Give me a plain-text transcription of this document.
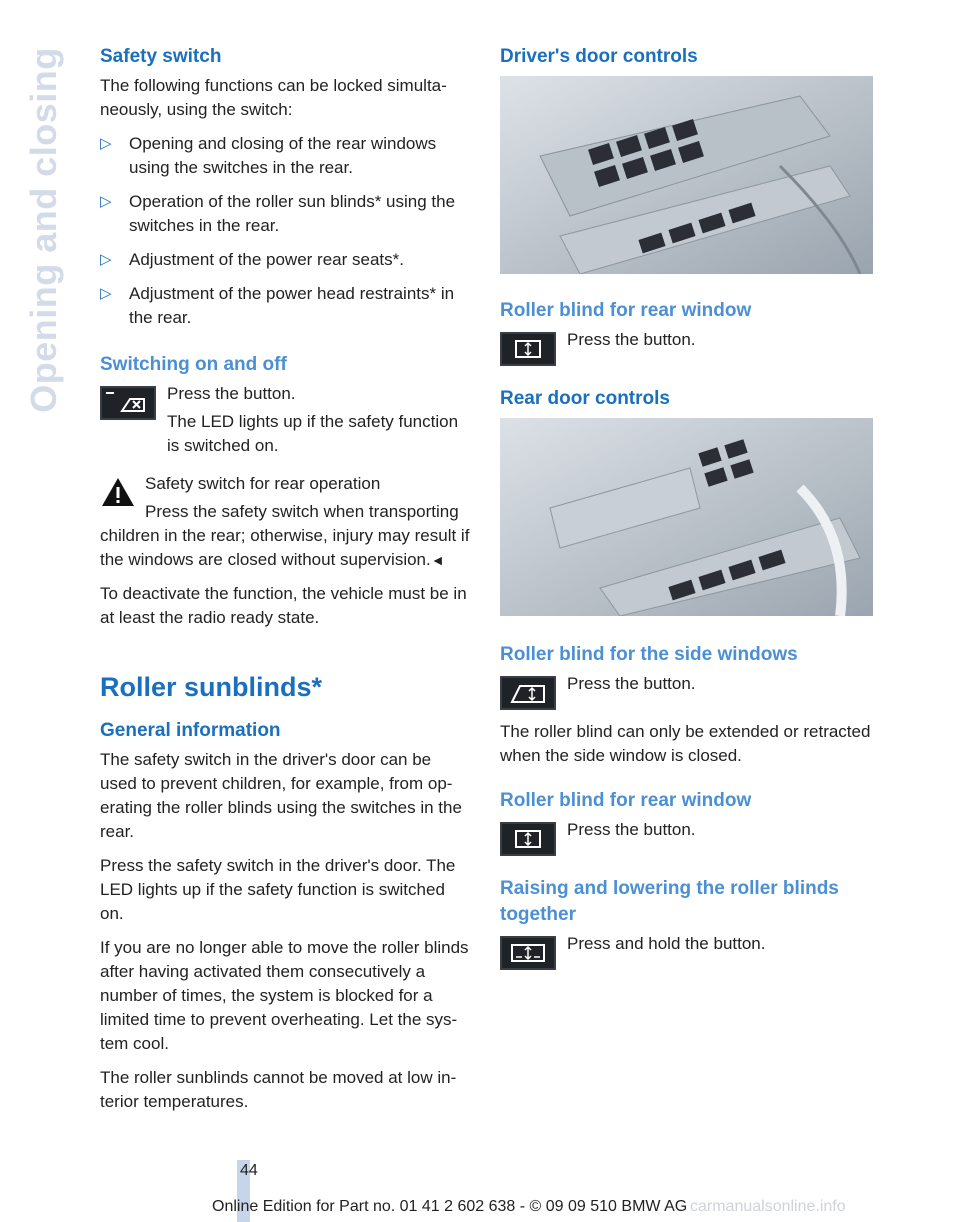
Opening and closing Safety switch

The following functions can be locked simultaneously, using the switch:

▷ Opening and closing of the rear windows using the switches in the rear.
▷ Operation of the roller sun blinds* using the switches in the rear.
▷ Adjustment of the power rear seats*.
▷ Adjustment of the power head restraints* in the rear.
Switching on and off
Press the button.
The LED lights up if the safety function is switched on.
Safety switch for rear operation
Press the safety switch when transporting children in the rear; otherwise, injury may result if the windows are closed without supervision.◄

To deactivate the function, the vehicle must be in at least the radio ready state.

Roller sunblinds*
General information

The safety switch in the driver's door can be used to prevent children, for example, from operating the roller blinds using the switches in the rear.

Press the safety switch in the driver's door. The LED lights up if the safety function is switched on.

If you are no longer able to move the roller blinds after having activated them consecutively a number of times, the system is blocked for a limited time to prevent overheating. Let the system cool.

The roller sunblinds cannot be moved at low interior temperatures.

Driver's door controls
Roller blind for rear window
Press the button.
Rear door controls
Roller blind for the side windows
Press the button.

The roller blind can only be extended or retracted when the side window is closed.

Roller blind for rear window
Press the button.
Raising and lowering the roller blinds together
Press and hold the button.
44
Online Edition for Part no. 01 41 2 602 638 - © 09 09 510 BMW AG carmanualsonline.info
